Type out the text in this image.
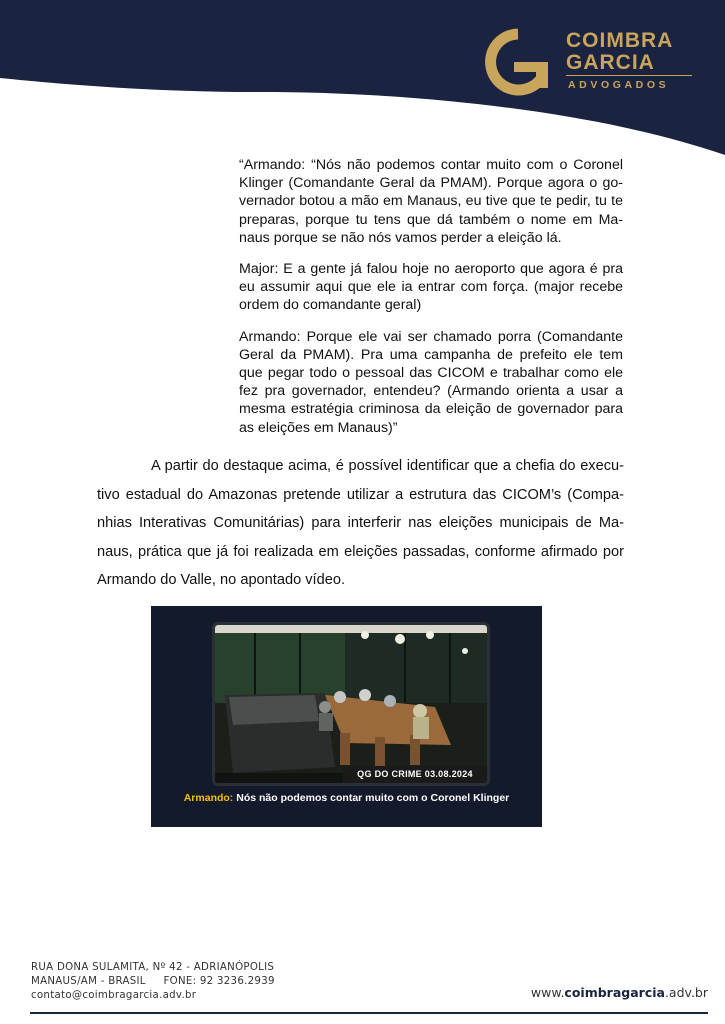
COIMBRA
GARCIA
ADVOGADOS

“Armando: “Nós não podemos contar muito com o Coronel Klinger (Comandante Geral da PMAM). Porque agora o go-vernador botou a mão em Manaus, eu tive que te pedir, tu te preparas, porque tu tens que dá também o nome em Ma-naus porque se não nós vamos perder a eleição lá.

Major: E a gente já falou hoje no aeroporto que agora é pra eu assumir aqui que ele ia entrar com força. (major recebe ordem do comandante geral)

Armando: Porque ele vai ser chamado porra (Comandante Geral da PMAM). Pra uma campanha de prefeito ele tem que pegar todo o pessoal das CICOM e trabalhar como ele fez pra governador, entendeu? (Armando orienta a usar a mesma estratégia criminosa da eleição de governador para as eleições em Manaus)”

A partir do destaque acima, é possível identificar que a chefia do execu-tivo estadual do Amazonas pretende utilizar a estrutura das CICOM’s (Compa-nhias Interativas Comunitárias) para interferir nas eleições municipais de Ma-naus, prática que já foi realizada em eleições passadas, conforme afirmado por Armando do Valle, no apontado vídeo.

QG DO CRIME 03.08.2024
Armando: Nós não podemos contar muito com o Coronel Klinger
RUA DONA SULAMITA, Nº 42 - ADRIANÓPOLIS
MANAUS/AM - BRASIL     FONE: 92 3236.2939
contato@coimbragarcia.adv.br	www.coimbragarcia.adv.br
